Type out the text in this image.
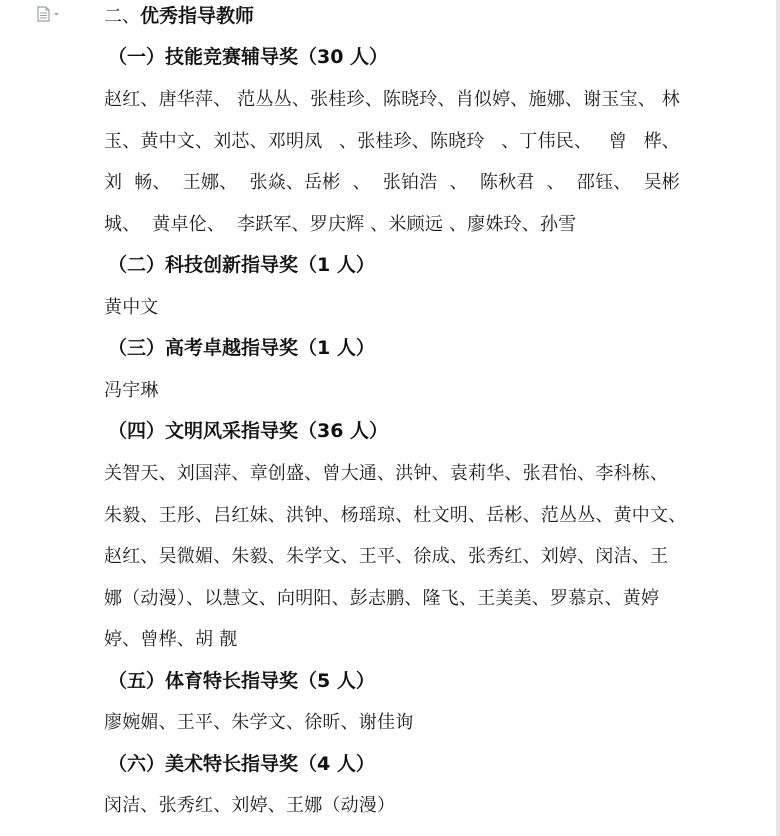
二、优秀指导教师
（一）技能竞赛辅导奖（30 人）
赵红、唐华萍、 范丛丛、张桂珍、陈晓玲、肖似婷、施娜、谢玉宝、 林
玉、黄中文、刘芯、邓明凤 、张桂珍、陈晓玲 、丁伟民、 曾 桦、
刘 畅、 王娜、 张焱、岳彬 、 张铂浩 、 陈秋君 、 邵钰、 吴彬
城、 黄卓伦、 李跃军、罗庆辉 、米顾远 、廖姝玲、孙雪
（二）科技创新指导奖（1 人）
黄中文
（三）高考卓越指导奖（1 人）
冯宇琳
（四）文明风采指导奖（36 人）
关智天、刘国萍、章创盛、曾大通、洪钟、袁莉华、张君怡、李科栋、
朱毅、王彤、吕红妹、洪钟、杨瑶琼、杜文明、岳彬、范丛丛、黄中文、
赵红、吴微媚、朱毅、朱学文、王平、徐成、张秀红、刘婷、闵洁、王
娜（动漫）、以慧文、向明阳、彭志鹏、隆飞、王美美、罗慕京、黄婷
婷、曾桦、胡 靓
（五）体育特长指导奖（5 人）
廖婉媚、王平、朱学文、徐昕、谢佳询
（六）美术特长指导奖（4 人）
闵洁、张秀红、刘婷、王娜（动漫）
